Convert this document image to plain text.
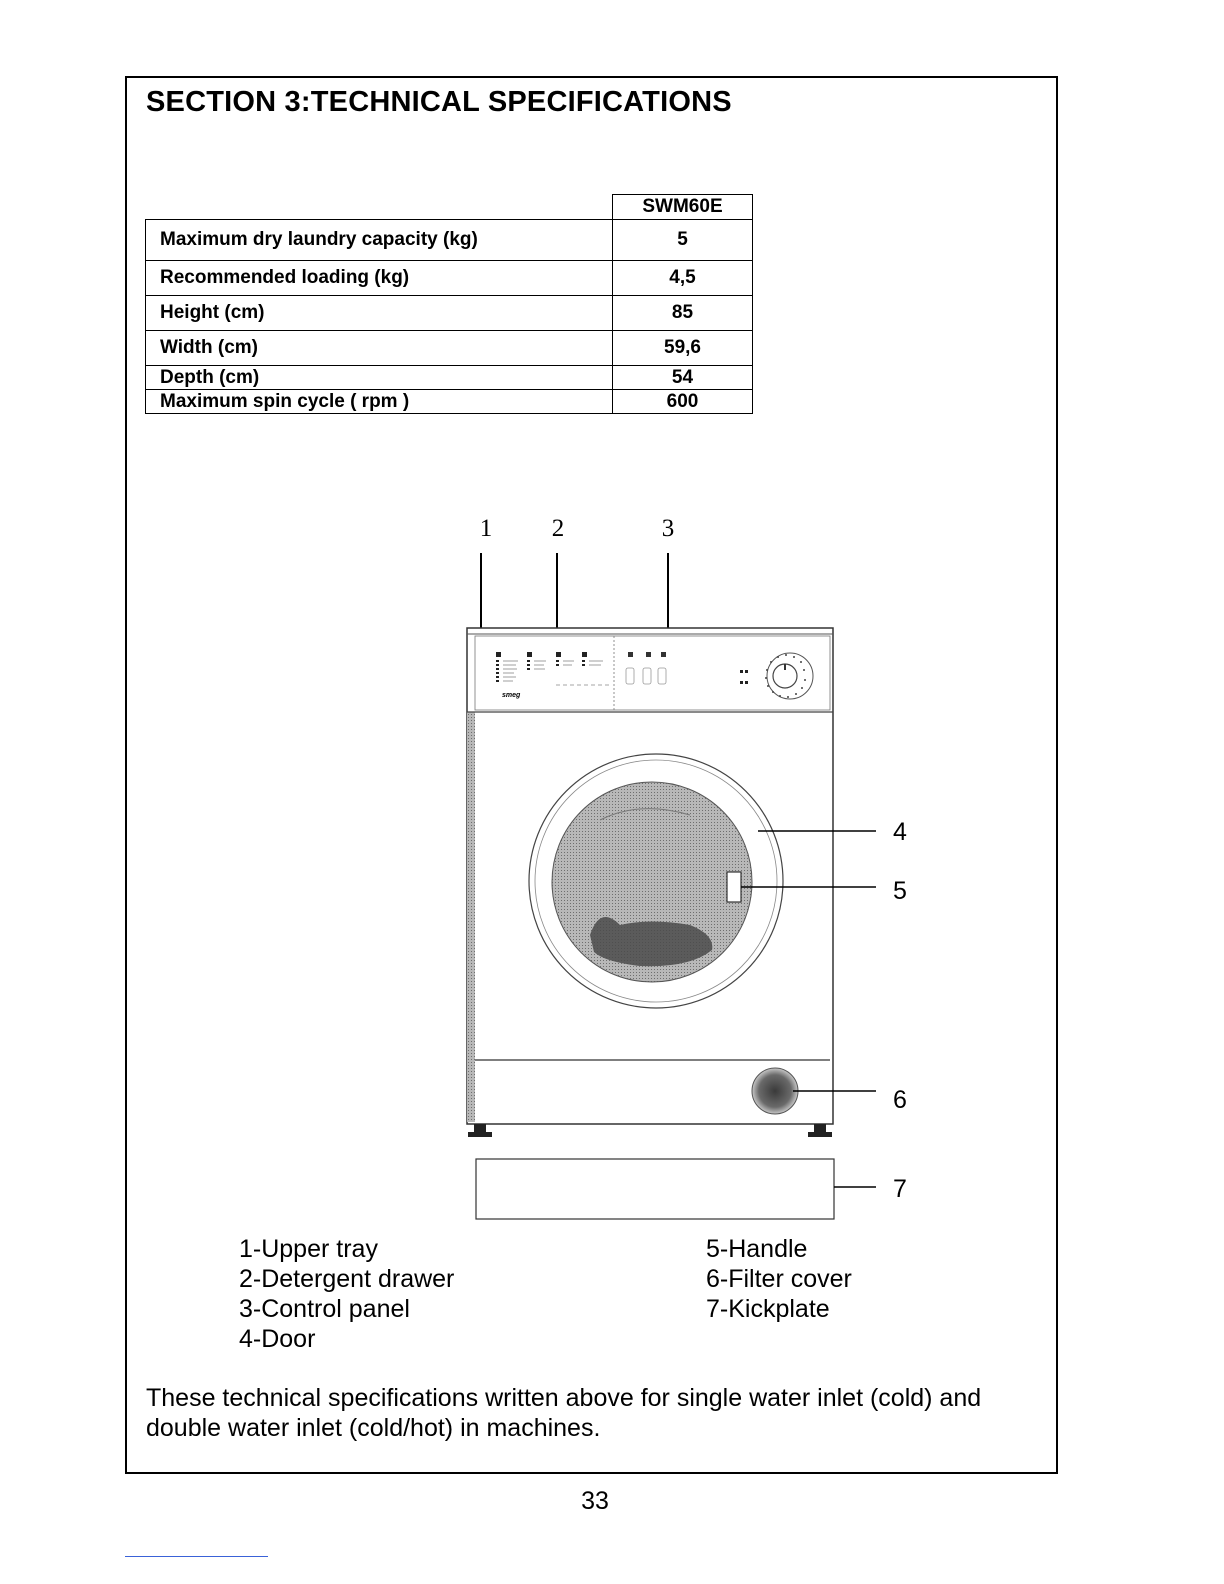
SECTION 3:TECHNICAL SPECIFICATIONS
	SWM60E
Maximum dry laundry capacity (kg)	5
Recommended loading (kg)	4,5
Height (cm)	85
Width (cm)	59,6
Depth (cm)	54
Maximum spin cycle ( rpm )	600
1 2	3
smeg
4
5
6
7
1-Upper tray
2-Detergent drawer
3-Control panel
4-Door
5-Handle
6-Filter cover
7-Kickplate

These technical specifications written above for single water inlet (cold) and double water inlet (cold/hot) in machines.

33
